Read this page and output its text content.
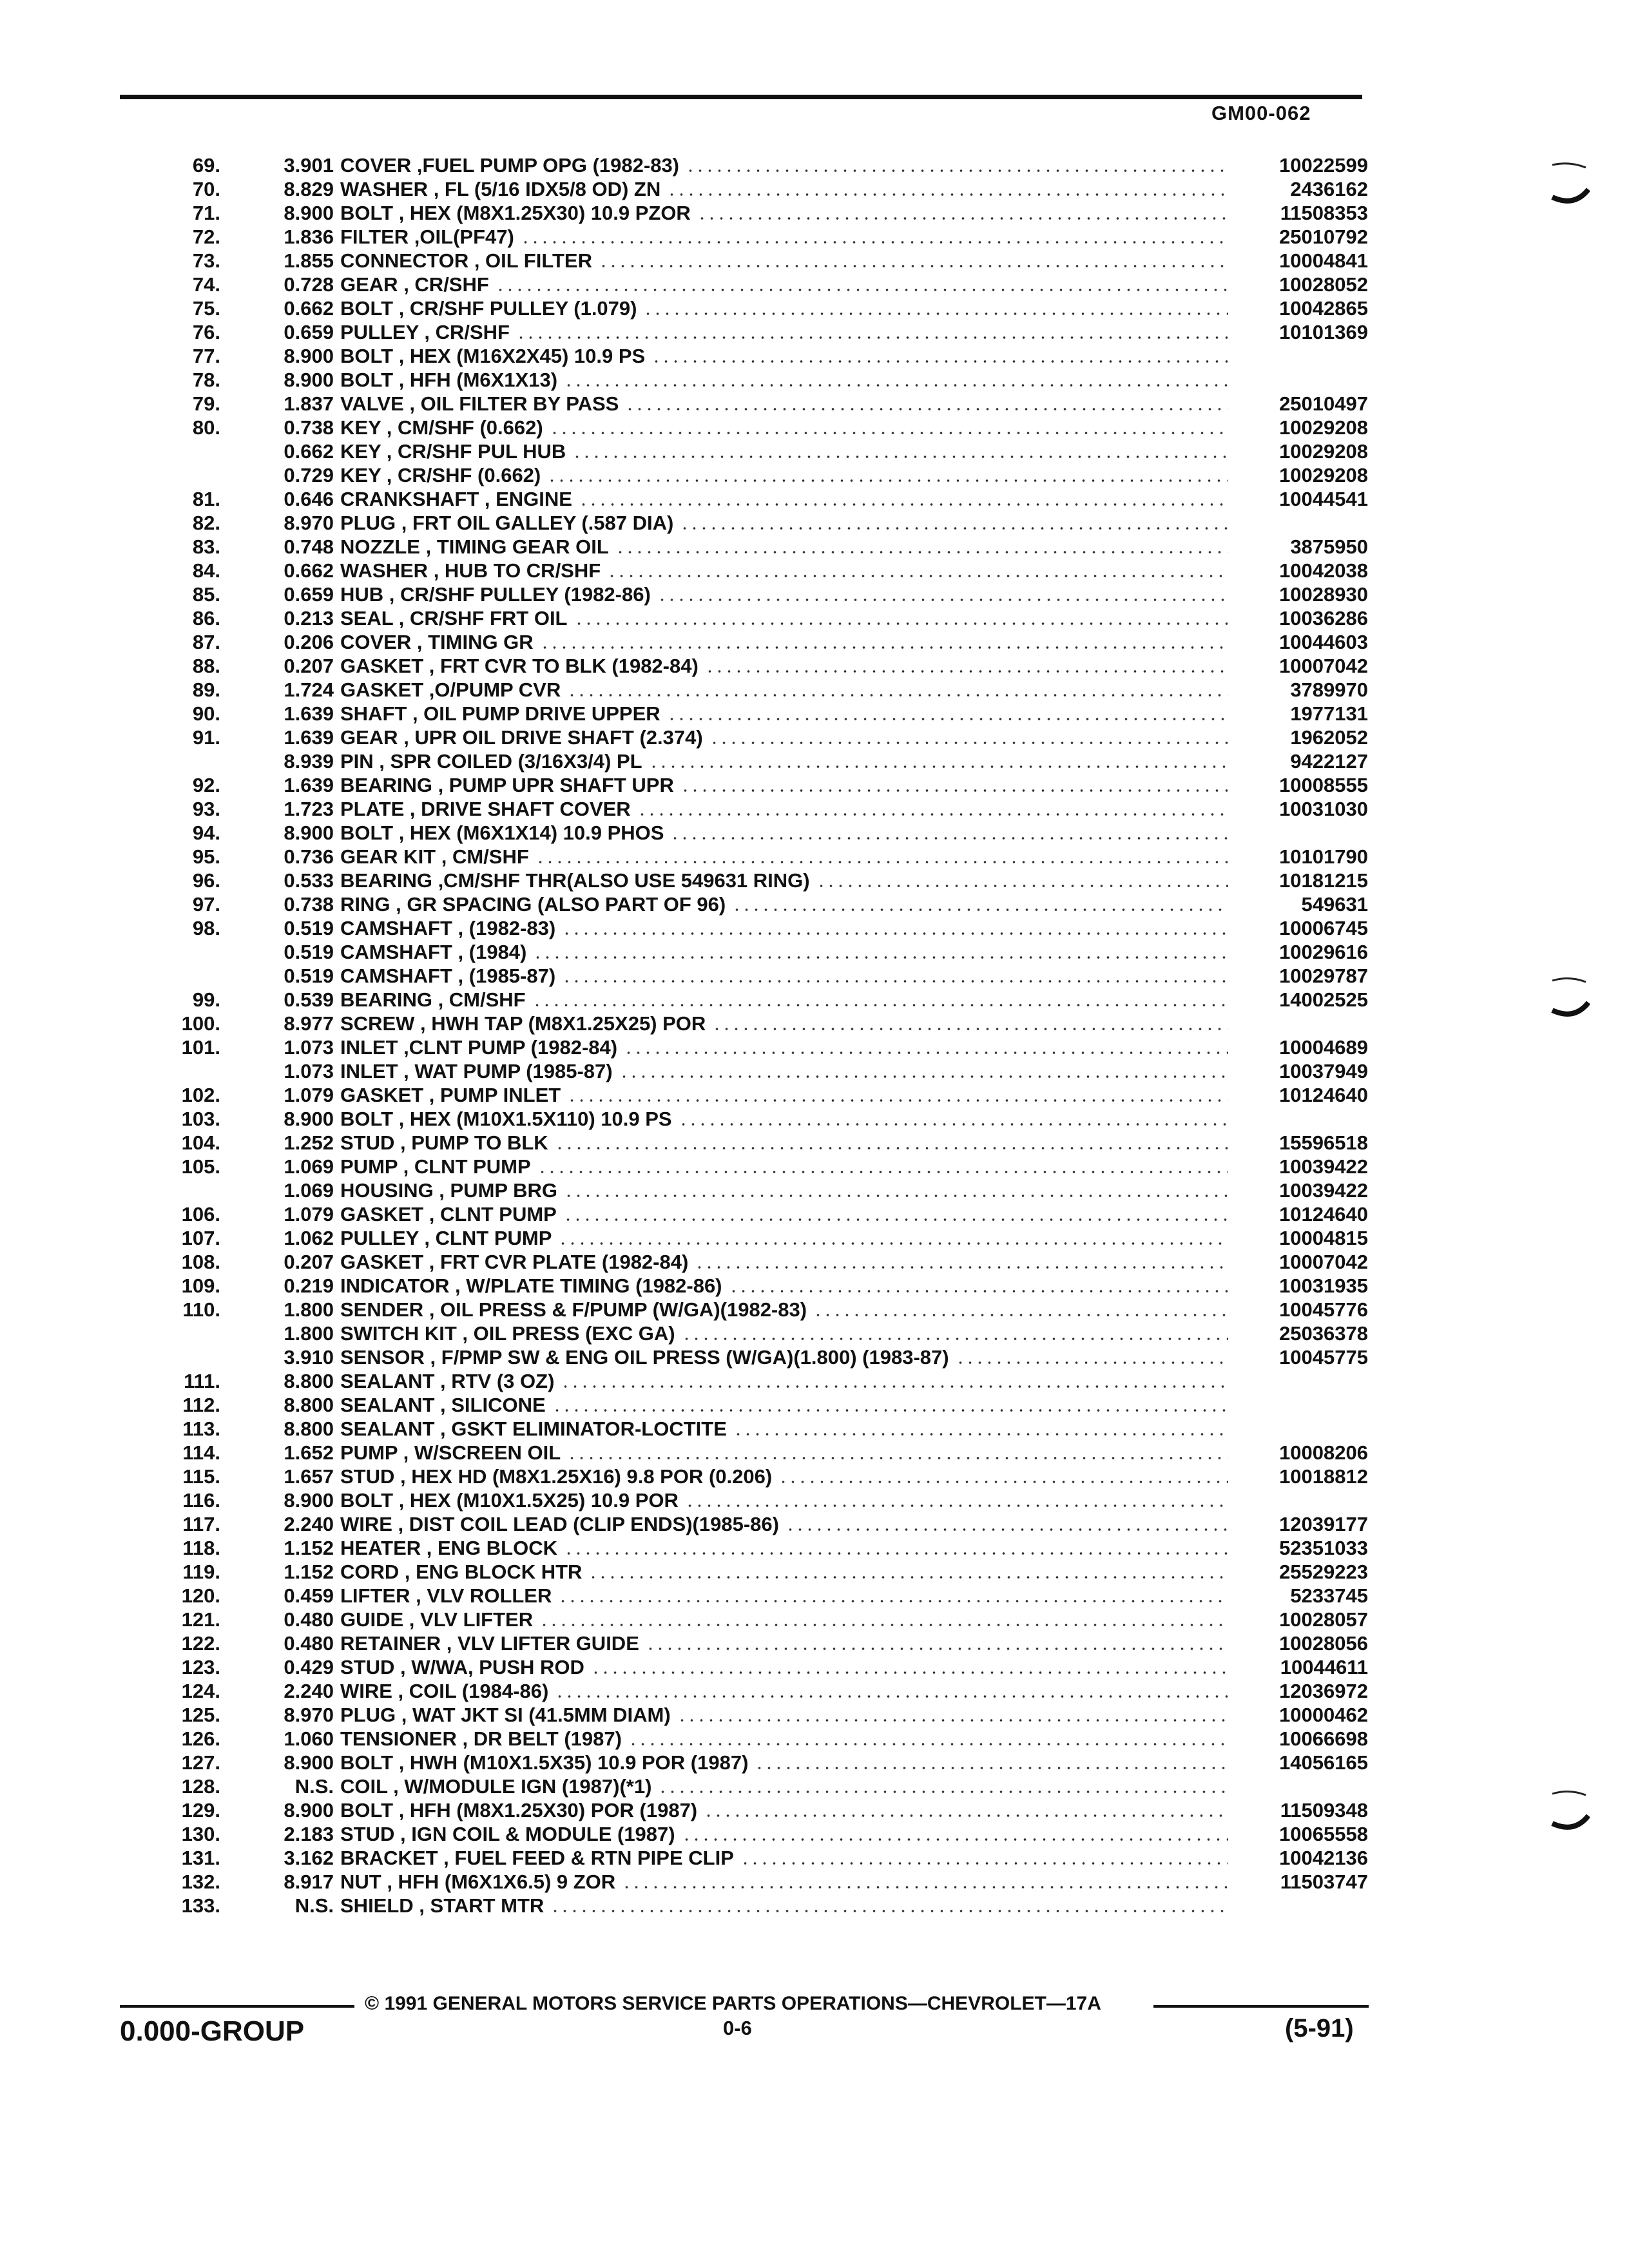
GM00-062
69.	3.901 COVER ,FUEL PUMP OPG (1982-83)	10022599
70.	8.829 WASHER , FL (5/16 IDX5/8 OD) ZN	2436162
71.	8.900 BOLT , HEX (M8X1.25X30) 10.9 PZOR	11508353
72.	1.836 FILTER ,OIL(PF47)	25010792
73.	1.855 CONNECTOR , OIL FILTER	10004841
74.	0.728 GEAR , CR/SHF	10028052
75.	0.662 BOLT , CR/SHF PULLEY (1.079)	10042865
76.	0.659 PULLEY , CR/SHF	10101369
77.	8.900 BOLT , HEX (M16X2X45) 10.9 PS
78.	8.900 BOLT , HFH (M6X1X13)
79.	1.837 VALVE , OIL FILTER BY PASS	25010497
80.	0.738 KEY , CM/SHF (0.662)	10029208
0.662 KEY , CR/SHF PUL HUB	10029208
0.729 KEY , CR/SHF (0.662)	10029208
81.	0.646 CRANKSHAFT , ENGINE	10044541
82.	8.970 PLUG , FRT OIL GALLEY (.587 DIA)
83.	0.748 NOZZLE , TIMING GEAR OIL	3875950
84.	0.662 WASHER , HUB TO CR/SHF	10042038
85.	0.659 HUB , CR/SHF PULLEY (1982-86)	10028930
86.	0.213 SEAL , CR/SHF FRT OIL	10036286
87.	0.206 COVER , TIMING GR	10044603
88.	0.207 GASKET , FRT CVR TO BLK (1982-84)	10007042
89.	1.724 GASKET ,O/PUMP CVR	3789970
90.	1.639 SHAFT , OIL PUMP DRIVE UPPER	1977131
91.	1.639 GEAR , UPR OIL DRIVE SHAFT (2.374)	1962052
8.939 PIN , SPR COILED (3/16X3/4) PL	9422127
92.	1.639 BEARING , PUMP UPR SHAFT UPR	10008555
93.	1.723 PLATE , DRIVE SHAFT COVER	10031030
94.	8.900 BOLT , HEX (M6X1X14) 10.9 PHOS
95.	0.736 GEAR KIT , CM/SHF	10101790
96.	0.533 BEARING ,CM/SHF THR(ALSO USE 549631 RING)	10181215
97.	0.738 RING , GR SPACING (ALSO PART OF 96)	549631
98.	0.519 CAMSHAFT , (1982-83)	10006745
0.519 CAMSHAFT , (1984)	10029616
0.519 CAMSHAFT , (1985-87)	10029787
99.	0.539 BEARING , CM/SHF	14002525
100.	8.977 SCREW , HWH TAP (M8X1.25X25) POR
101.	1.073 INLET ,CLNT PUMP (1982-84)	10004689
1.073 INLET , WAT PUMP (1985-87)	10037949
102.	1.079 GASKET , PUMP INLET	10124640
103.	8.900 BOLT , HEX (M10X1.5X110) 10.9 PS
104.	1.252 STUD , PUMP TO BLK	15596518
105.	1.069 PUMP , CLNT PUMP	10039422
1.069 HOUSING , PUMP BRG	10039422
106.	1.079 GASKET , CLNT PUMP	10124640
107.	1.062 PULLEY , CLNT PUMP	10004815
108.	0.207 GASKET , FRT CVR PLATE (1982-84)	10007042
109.	0.219 INDICATOR , W/PLATE TIMING (1982-86)	10031935
110.	1.800 SENDER , OIL PRESS & F/PUMP (W/GA)(1982-83)	10045776
1.800 SWITCH KIT , OIL PRESS (EXC GA)	25036378
3.910 SENSOR , F/PMP SW & ENG OIL PRESS (W/GA)(1.800) (1983-87)	10045775
111.	8.800 SEALANT , RTV (3 OZ)
112.	8.800 SEALANT , SILICONE
113.	8.800 SEALANT , GSKT ELIMINATOR-LOCTITE
114.	1.652 PUMP , W/SCREEN OIL	10008206
115.	1.657 STUD , HEX HD (M8X1.25X16) 9.8 POR (0.206)	10018812
116.	8.900 BOLT , HEX (M10X1.5X25) 10.9 POR
117.	2.240 WIRE , DIST COIL LEAD (CLIP ENDS)(1985-86)	12039177
118.	1.152 HEATER , ENG BLOCK	52351033
119.	1.152 CORD , ENG BLOCK HTR	25529223
120.	0.459 LIFTER , VLV ROLLER	5233745
121.	0.480 GUIDE , VLV LIFTER	10028057
122.	0.480 RETAINER , VLV LIFTER GUIDE	10028056
123.	0.429 STUD , W/WA, PUSH ROD	10044611
124.	2.240 WIRE , COIL (1984-86)	12036972
125.	8.970 PLUG , WAT JKT SI (41.5MM DIAM)	10000462
126.	1.060 TENSIONER , DR BELT (1987)	10066698
127.	8.900 BOLT , HWH (M10X1.5X35) 10.9 POR (1987)	14056165
128.	N.S. COIL , W/MODULE IGN (1987)(*1)
129.	8.900 BOLT , HFH (M8X1.25X30) POR (1987)	11509348
130.	2.183 STUD , IGN COIL & MODULE (1987)	10065558
131.	3.162 BRACKET , FUEL FEED & RTN PIPE CLIP	10042136
132.	8.917 NUT , HFH (M6X1X6.5) 9 ZOR	11503747
133.	N.S. SHIELD , START MTR
© 1991 GENERAL MOTORS SERVICE PARTS OPERATIONS—CHEVROLET—17A
0.000-GROUP	0-6	(5-91)
